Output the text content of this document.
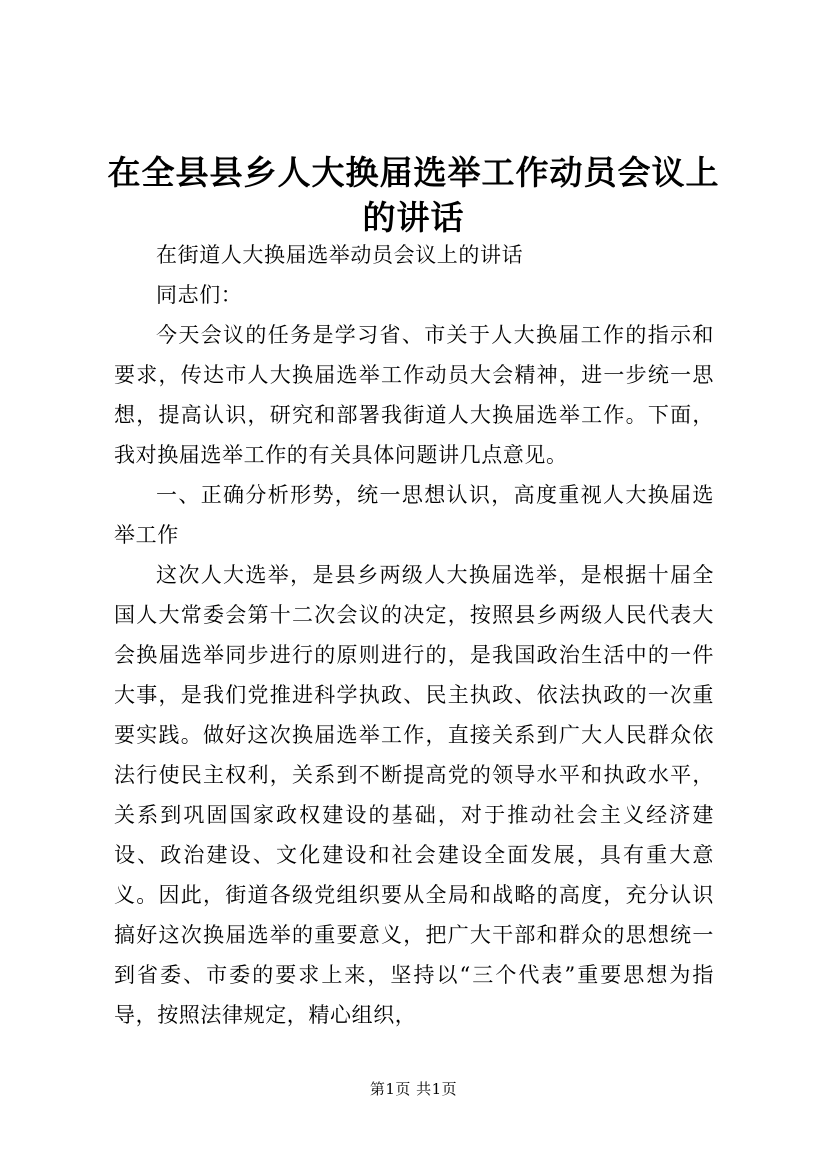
在全县县乡人大换届选举工作动员会议上的讲话

在街道人大换届选举动员会议上的讲话

同志们：

今天会议的任务是学习省、市关于人大换届工作的指示和要求，传达市人大换届选举工作动员大会精神，进一步统一思想，提高认识，研究和部署我街道人大换届选举工作。下面，我对换届选举工作的有关具体问题讲几点意见。

一、正确分析形势，统一思想认识，高度重视人大换届选举工作

这次人大选举，是县乡两级人大换届选举，是根据十届全国人大常委会第十二次会议的决定，按照县乡两级人民代表大会换届选举同步进行的原则进行的，是我国政治生活中的一件大事，是我们党推进科学执政、民主执政、依法执政的一次重要实践。做好这次换届选举工作，直接关系到广大人民群众依法行使民主权利，关系到不断提高党的领导水平和执政水平，关系到巩固国家政权建设的基础，对于推动社会主义经济建设、政治建设、文化建设和社会建设全面发展，具有重大意义。因此，街道各级党组织要从全局和战略的高度，充分认识搞好这次换届选举的重要意义，把广大干部和群众的思想统一到省委、市委的要求上来，坚持以“三个代表”重要思想为指导，按照法律规定，精心组织，

第1页 共1页
